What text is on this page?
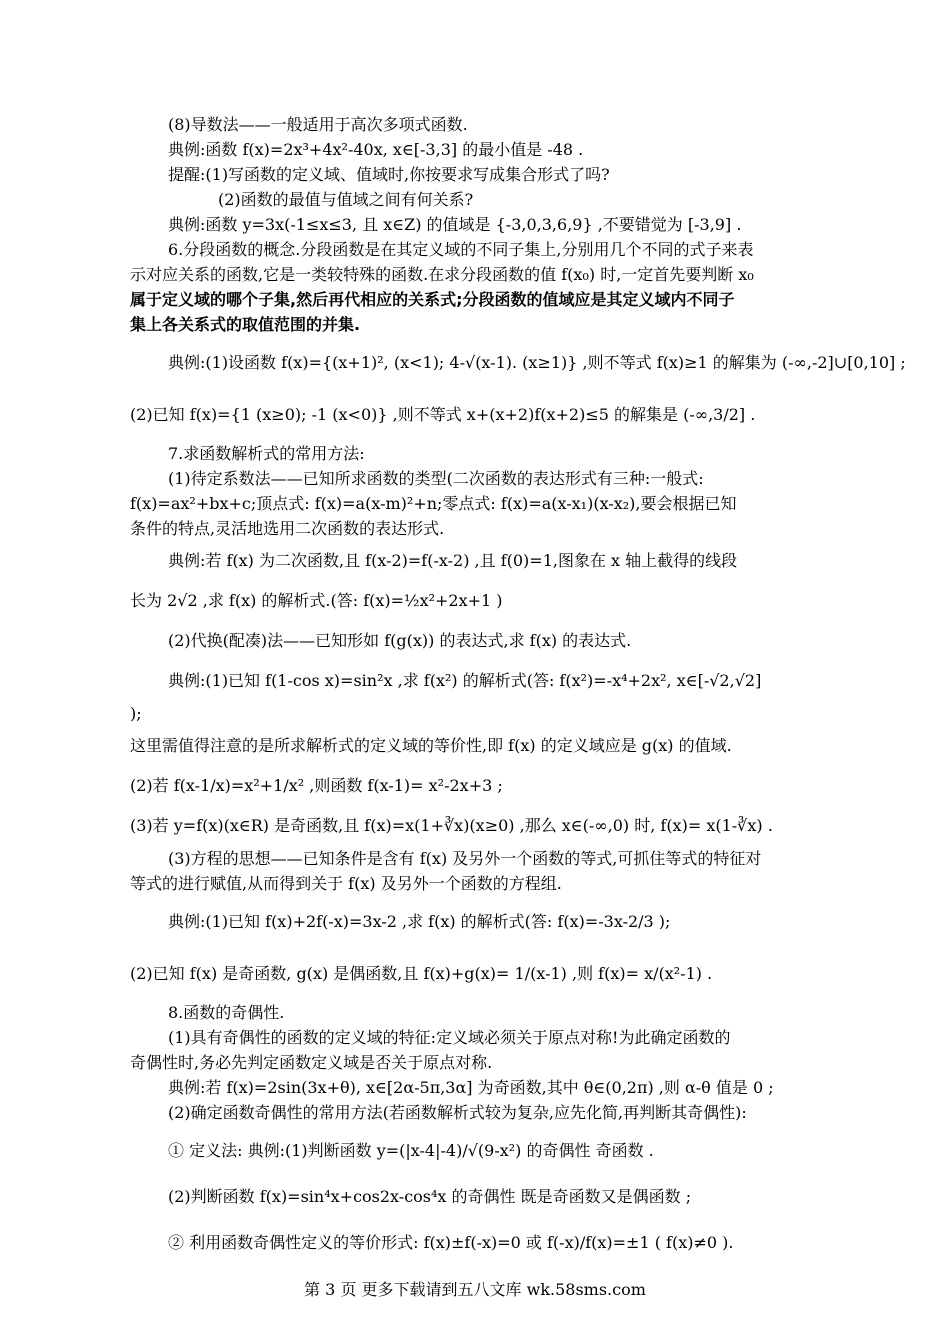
(8)导数法——一般适用于高次多项式函数.

典例:函数 f(x)=2x³+4x²-40x, x∈[-3,3] 的最小值是 -48 .

提醒:(1)写函数的定义域、值域时,你按要求写成集合形式了吗?

(2)函数的最值与值域之间有何关系?

典例:函数 y=3x(-1≤x≤3, 且 x∈Z) 的值域是 {-3,0,3,6,9} ,不要错觉为 [-3,9] .

6.分段函数的概念.分段函数是在其定义域的不同子集上,分别用几个不同的式子来表

示对应关系的函数,它是一类较特殊的函数.在求分段函数的值 f(x₀) 时,一定首先要判断 x₀

属于定义域的哪个子集,然后再代相应的关系式;分段函数的值域应是其定义域内不同子

集上各关系式的取值范围的并集.

典例:(1)设函数 f(x)={(x+1)², (x<1); 4-√(x-1). (x≥1)} ,则不等式 f(x)≥1 的解集为 (-∞,-2]∪[0,10] ;

(2)已知 f(x)={1 (x≥0); -1 (x<0)} ,则不等式 x+(x+2)f(x+2)≤5 的解集是 (-∞,3/2] .

7.求函数解析式的常用方法:

(1)待定系数法——已知所求函数的类型(二次函数的表达形式有三种:一般式:

f(x)=ax²+bx+c;顶点式: f(x)=a(x-m)²+n;零点式: f(x)=a(x-x₁)(x-x₂),要会根据已知

条件的特点,灵活地选用二次函数的表达形式.

典例:若 f(x) 为二次函数,且 f(x-2)=f(-x-2) ,且 f(0)=1,图象在 x 轴上截得的线段

长为 2√2 ,求 f(x) 的解析式.(答: f(x)=½x²+2x+1 )

(2)代换(配凑)法——已知形如 f(g(x)) 的表达式,求 f(x) 的表达式.

典例:(1)已知 f(1-cos x)=sin²x ,求 f(x²) 的解析式(答: f(x²)=-x⁴+2x², x∈[-√2,√2]

);

这里需值得注意的是所求解析式的定义域的等价性,即 f(x) 的定义域应是 g(x) 的值域.

(2)若 f(x-1/x)=x²+1/x² ,则函数 f(x-1)= x²-2x+3 ;

(3)若 y=f(x)(x∈R) 是奇函数,且 f(x)=x(1+∛x)(x≥0) ,那么 x∈(-∞,0) 时, f(x)= x(1-∛x) .

(3)方程的思想——已知条件是含有 f(x) 及另外一个函数的等式,可抓住等式的特征对

等式的进行赋值,从而得到关于 f(x) 及另外一个函数的方程组.

典例:(1)已知 f(x)+2f(-x)=3x-2 ,求 f(x) 的解析式(答: f(x)=-3x-2/3 );

(2)已知 f(x) 是奇函数, g(x) 是偶函数,且 f(x)+g(x)= 1/(x-1) ,则 f(x)= x/(x²-1) .

8.函数的奇偶性.

(1)具有奇偶性的函数的定义域的特征:定义域必须关于原点对称!为此确定函数的

奇偶性时,务必先判定函数定义域是否关于原点对称.

典例:若 f(x)=2sin(3x+θ), x∈[2α-5π,3α] 为奇函数,其中 θ∈(0,2π) ,则 α-θ 值是 0 ;

(2)确定函数奇偶性的常用方法(若函数解析式较为复杂,应先化简,再判断其奇偶性):

① 定义法: 典例:(1)判断函数 y=(|x-4|-4)/√(9-x²) 的奇偶性 奇函数 .

(2)判断函数 f(x)=sin⁴x+cos2x-cos⁴x 的奇偶性 既是奇函数又是偶函数 ;

② 利用函数奇偶性定义的等价形式: f(x)±f(-x)=0 或 f(-x)/f(x)=±1 ( f(x)≠0 ).

第 3 页 更多下载请到五八文库 wk.58sms.com
